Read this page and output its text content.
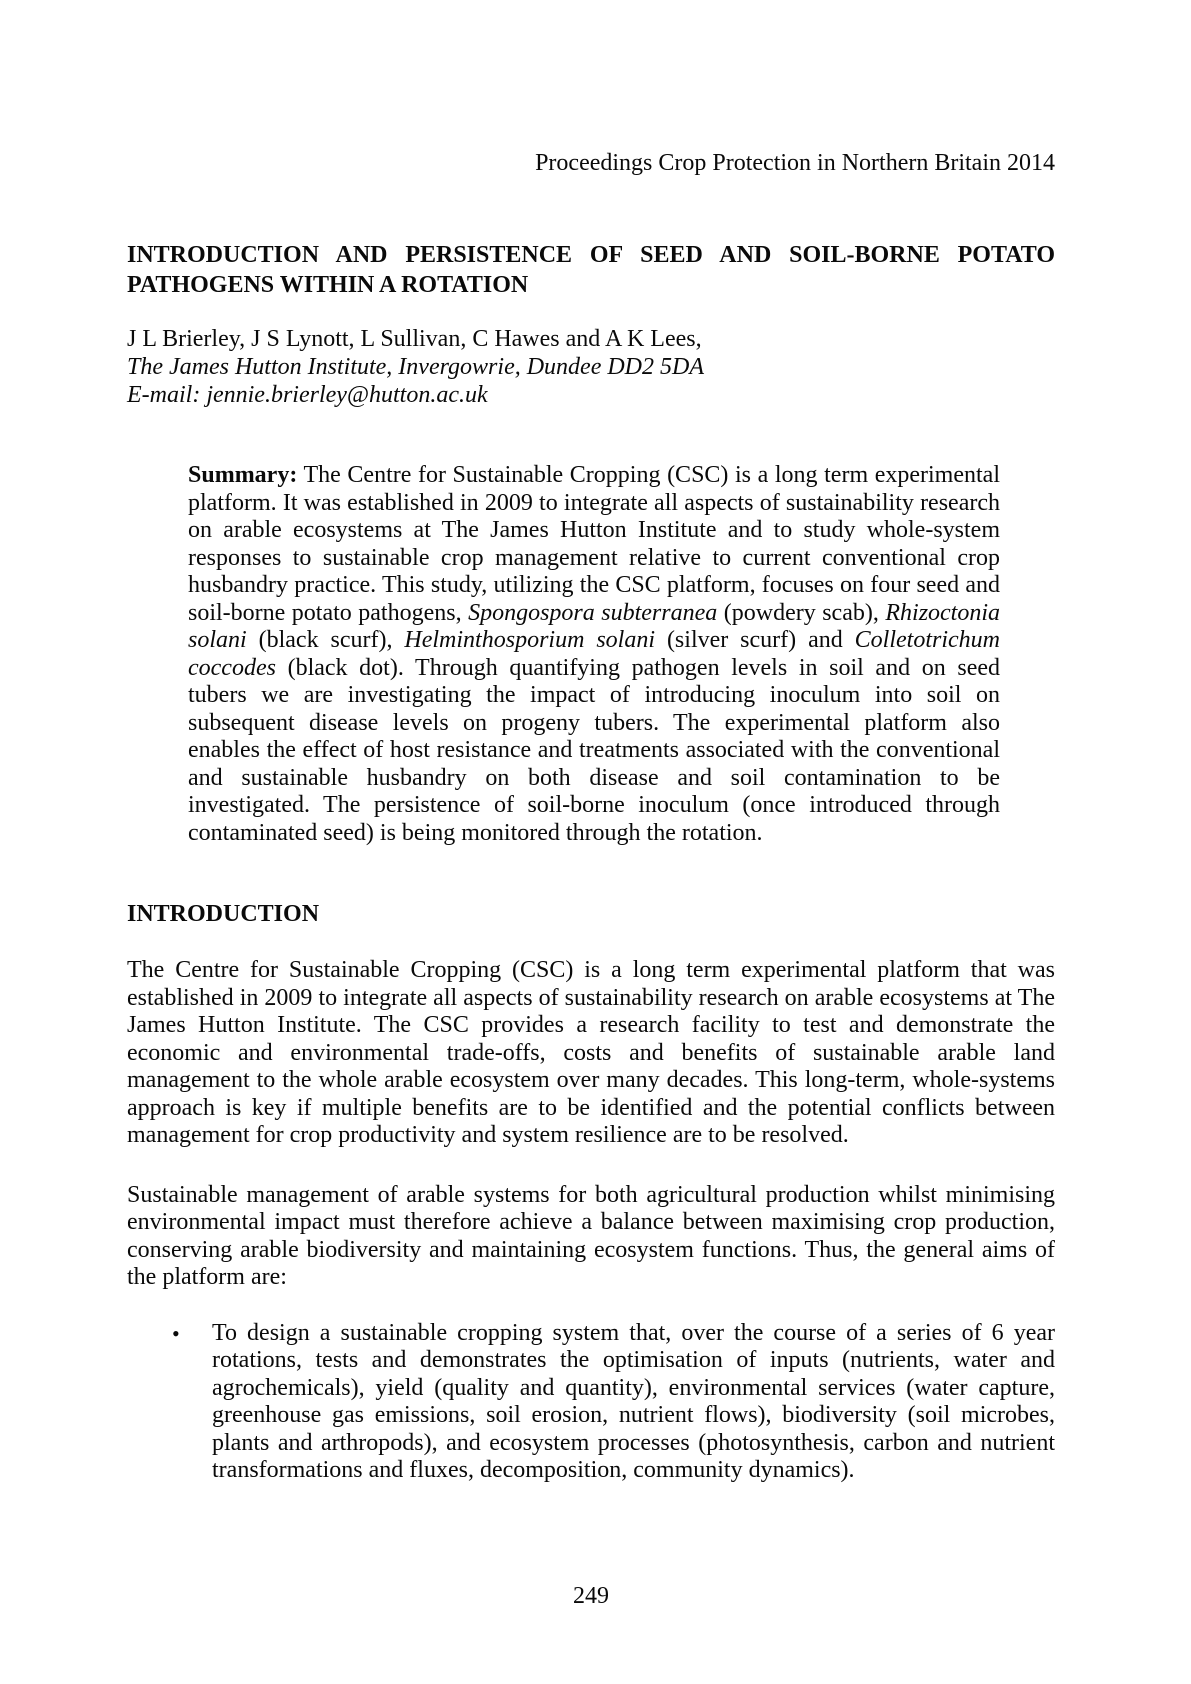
Proceedings Crop Protection in Northern Britain 2014
INTRODUCTION AND PERSISTENCE OF SEED AND SOIL-BORNE POTATO PATHOGENS WITHIN A ROTATION
J L Brierley, J S Lynott, L Sullivan, C Hawes and A K Lees,
The James Hutton Institute, Invergowrie, Dundee DD2 5DA
E-mail: jennie.brierley@hutton.ac.uk

Summary: The Centre for Sustainable Cropping (CSC) is a long term experimental platform. It was established in 2009 to integrate all aspects of sustainability research on arable ecosystems at The James Hutton Institute and to study whole-system responses to sustainable crop management relative to current conventional crop husbandry practice. This study, utilizing the CSC platform, focuses on four seed and soil-borne potato pathogens, Spongospora subterranea (powdery scab), Rhizoctonia solani (black scurf), Helminthosporium solani (silver scurf) and Colletotrichum coccodes (black dot). Through quantifying pathogen levels in soil and on seed tubers we are investigating the impact of introducing inoculum into soil on subsequent disease levels on progeny tubers. The experimental platform also enables the effect of host resistance and treatments associated with the conventional and sustainable husbandry on both disease and soil contamination to be investigated. The persistence of soil-borne inoculum (once introduced through contaminated seed) is being monitored through the rotation.

INTRODUCTION

The Centre for Sustainable Cropping (CSC) is a long term experimental platform that was established in 2009 to integrate all aspects of sustainability research on arable ecosystems at The James Hutton Institute. The CSC provides a research facility to test and demonstrate the economic and environmental trade-offs, costs and benefits of sustainable arable land management to the whole arable ecosystem over many decades. This long-term, whole-systems approach is key if multiple benefits are to be identified and the potential conflicts between management for crop productivity and system resilience are to be resolved.

Sustainable management of arable systems for both agricultural production whilst minimising environmental impact must therefore achieve a balance between maximising crop production, conserving arable biodiversity and maintaining ecosystem functions. Thus, the general aims of the platform are:

•	To design a sustainable cropping system that, over the course of a series of 6 year rotations, tests and demonstrates the optimisation of inputs (nutrients, water and agrochemicals), yield (quality and quantity), environmental services (water capture, greenhouse gas emissions, soil erosion, nutrient flows), biodiversity (soil microbes, plants and arthropods), and ecosystem processes (photosynthesis, carbon and nutrient transformations and fluxes, decomposition, community dynamics).
249
